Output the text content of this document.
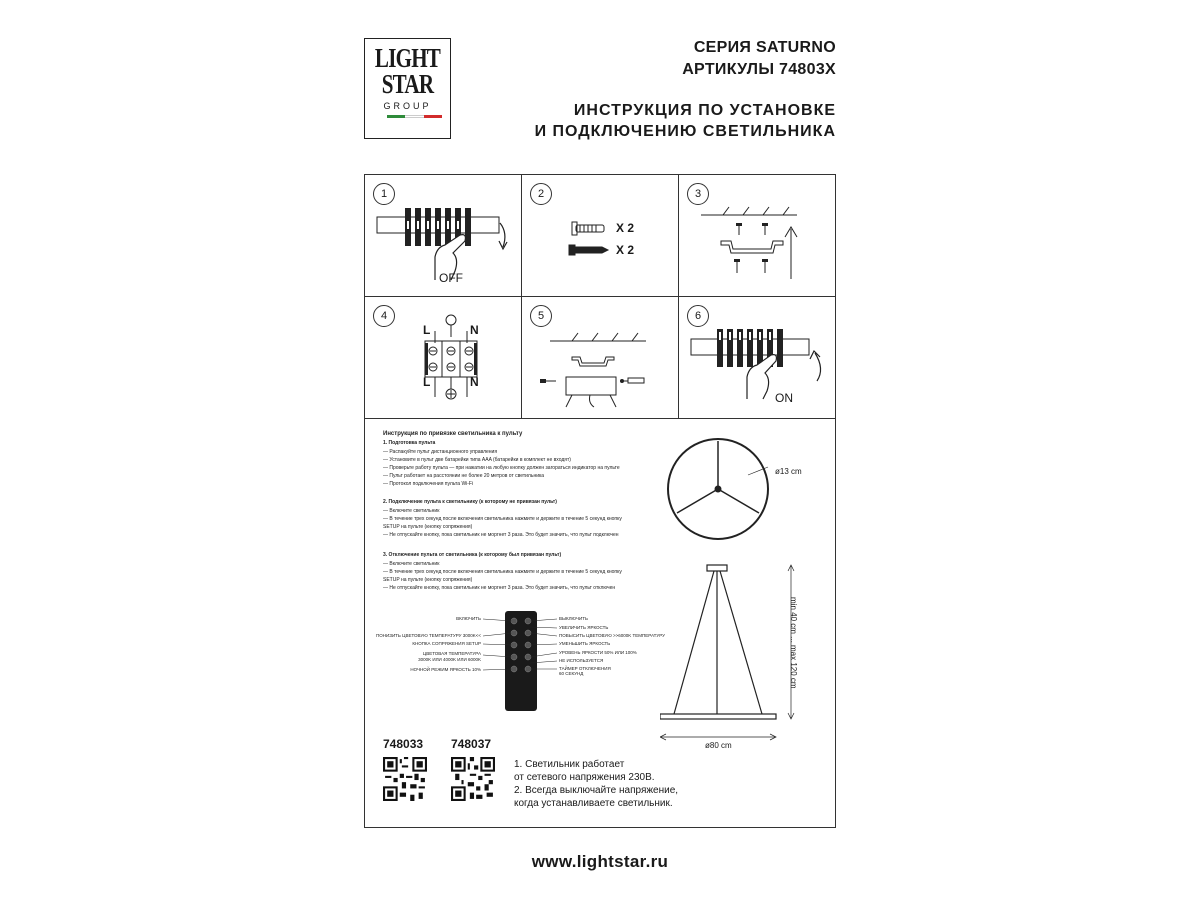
LIGHT
STAR
GROUP
СЕРИЯ SATURNO
АРТИКУЛЫ 74803X
ИНСТРУКЦИЯ ПО УСТАНОВКЕ
И ПОДКЛЮЧЕНИЮ СВЕТИЛЬНИКА
1
OFF
2
X 2
X 2
3
4
L	N
L	N
5	6
ON
Инструкция по привязке светильника к пульту
1. Подготовка пульта
— Распакуйте пульт дистанционного управления
— Установите в пульт две батарейки типа AAA (батарейки в комплект не входят)
— Проверьте работу пульта — при нажатии на любую кнопку должен загораться индикатор на пульте
— Пульт работает на расстоянии не более 20 метров от светильника
— Протокол подключения пульта Wi-Fi
2. Подключение пульта к светильнику (к которому не привязан пульт)
— Включите светильник
— В течение трех секунд после включения светильника нажмите и держите в течение 5 секунд кнопку
SETUP на пульте (кнопку сопряжения)
— Не отпускайте кнопку, пока светильник не моргнет 3 раза. Это будет значить, что пульт подключен
3. Отключение пульта от светильника (к которому был привязан пульт)
— Включите светильник
— В течение трех секунд после включения светильника нажмите и держите в течение 5 секунд кнопку
SETUP на пульте (кнопку сопряжения)
— Не отпускайте кнопку, пока светильник не моргнет 3 раза. Это будет значить, что пульт отключен
ВКЛЮЧИТЬ
ПОНИЗИТЬ ЦВЕТОВУЮ ТЕМПЕРАТУРУ 3000K<<
КНОПКА СОПРЯЖЕНИЯ SETUP
ЦВЕТОВАЯ ТЕМПЕРАТУРА
3000K ИЛИ 4000K ИЛИ 6000K
НОЧНОЙ РЕЖИМ ЯРКОСТЬ 10%
ВЫКЛЮЧИТЬ
УВЕЛИЧИТЬ ЯРКОСТЬ
ПОВЫСИТЬ ЦВЕТОВУЮ >>6000K ТЕМПЕРАТУРУ
УМЕНЬШИТЬ ЯРКОСТЬ
УРОВЕНЬ ЯРКОСТИ 50% ИЛИ 100%
НЕ ИСПОЛЬЗУЕТСЯ
ТАЙМЕР ОТКЛЮЧЕНИЯ
60 СЕКУНД
ø13 cm
ø80 cm
min 40 cm ... max 120 cm
748033 748037
1. Светильник работает
от сетевого напряжения 230В.
2. Всегда выключайте напряжение,
когда устанавливаете светильник.
www.lightstar.ru
